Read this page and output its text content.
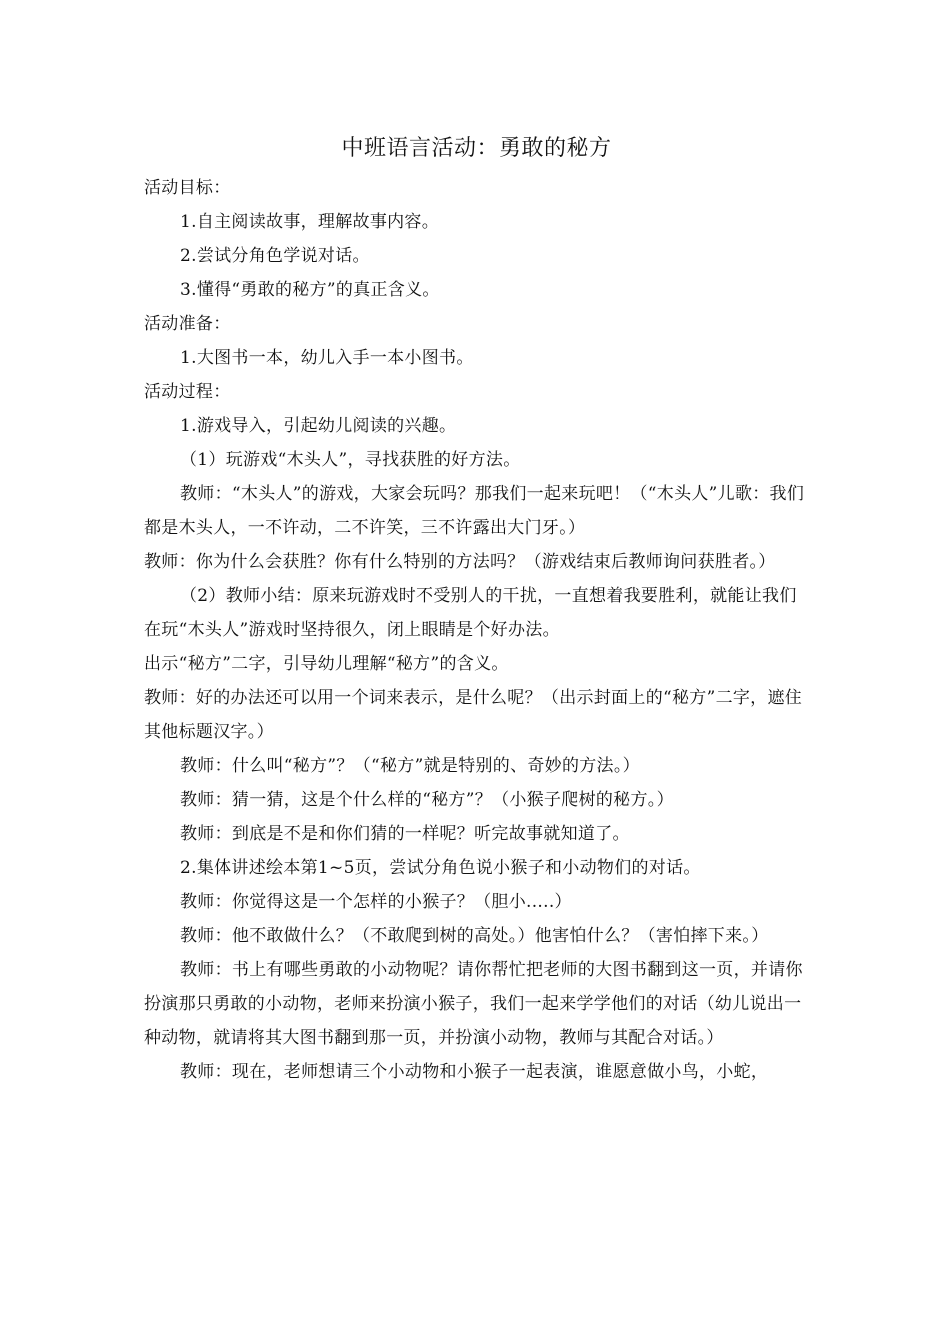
中班语言活动：勇敢的秘方

活动目标：

1.自主阅读故事，理解故事内容。

2.尝试分角色学说对话。

3.懂得“勇敢的秘方”的真正含义。

活动准备：

1.大图书一本，幼儿入手一本小图书。

活动过程：

1.游戏导入，引起幼儿阅读的兴趣。

（1）玩游戏“木头人”，寻找获胜的好方法。

教师：“木头人”的游戏，大家会玩吗？那我们一起来玩吧！（“木头人”儿歌：我们都是木头人，一不许动，二不许笑，三不许露出大门牙。）

教师：你为什么会获胜？你有什么特别的方法吗？（游戏结束后教师询问获胜者。）

（2）教师小结：原来玩游戏时不受别人的干扰，一直想着我要胜利，就能让我们在玩“木头人”游戏时坚持很久，闭上眼睛是个好办法。

出示“秘方”二字，引导幼儿理解“秘方”的含义。

教师：好的办法还可以用一个词来表示，是什么呢？（出示封面上的“秘方”二字，遮住其他标题汉字。）

教师：什么叫“秘方”？（“秘方”就是特别的、奇妙的方法。）

教师：猜一猜，这是个什么样的“秘方”？（小猴子爬树的秘方。）

教师：到底是不是和你们猜的一样呢？听完故事就知道了。

2.集体讲述绘本第1~5页，尝试分角色说小猴子和小动物们的对话。

教师：你觉得这是一个怎样的小猴子？（胆小.....）

教师：他不敢做什么？（不敢爬到树的高处。）他害怕什么？（害怕摔下来。）

教师：书上有哪些勇敢的小动物呢？请你帮忙把老师的大图书翻到这一页，并请你扮演那只勇敢的小动物，老师来扮演小猴子，我们一起来学学他们的对话（幼儿说出一种动物，就请将其大图书翻到那一页，并扮演小动物，教师与其配合对话。）

教师：现在，老师想请三个小动物和小猴子一起表演，谁愿意做小鸟，小蛇，
